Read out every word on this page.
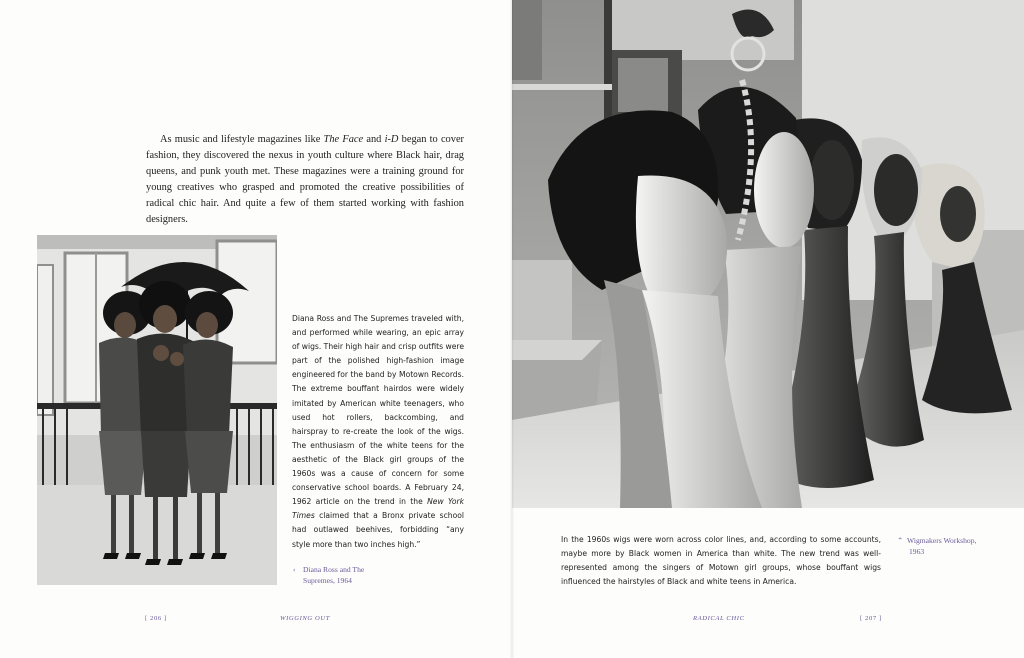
As music and lifestyle magazines like The Face and i-D began to cover fashion, they discovered the nexus in youth culture where Black hair, drag queens, and punk youth met. These magazines were a training ground for young creatives who grasped and promoted the creative possibilities of radical chic hair. And quite a few of them started working with fashion designers.

Diana Ross and The Supremes traveled with, and performed while wearing, an epic array of wigs. Their high hair and crisp outfits were part of the polished high-fashion image engineered for the band by Motown Records. The extreme bouffant hairdos were widely imitated by American white teenagers, who used hot rollers, backcombing, and hairspray to re-create the look of the wigs. The enthusiasm of the white teens for the aesthetic of the Black girl groups of the 1960s was a cause of concern for some conservative school boards. A February 24, 1962 article on the trend in the New York Times claimed that a Bronx private school had outlawed beehives, forbidding “any style more than two inches high.”

‹ Diana Ross and The
Supremes, 1964
[ 206 ]	WIGGING OUT

In the 1960s wigs were worn across color lines, and, according to some accounts, maybe more by Black women in America than white. The new trend was well-represented among the singers of Motown girl groups, whose bouffant wigs influenced the hairstyles of Black and white teens in America.

⌃ Wigmakers Workshop,
1963
RADICAL CHIC	[ 207 ]
